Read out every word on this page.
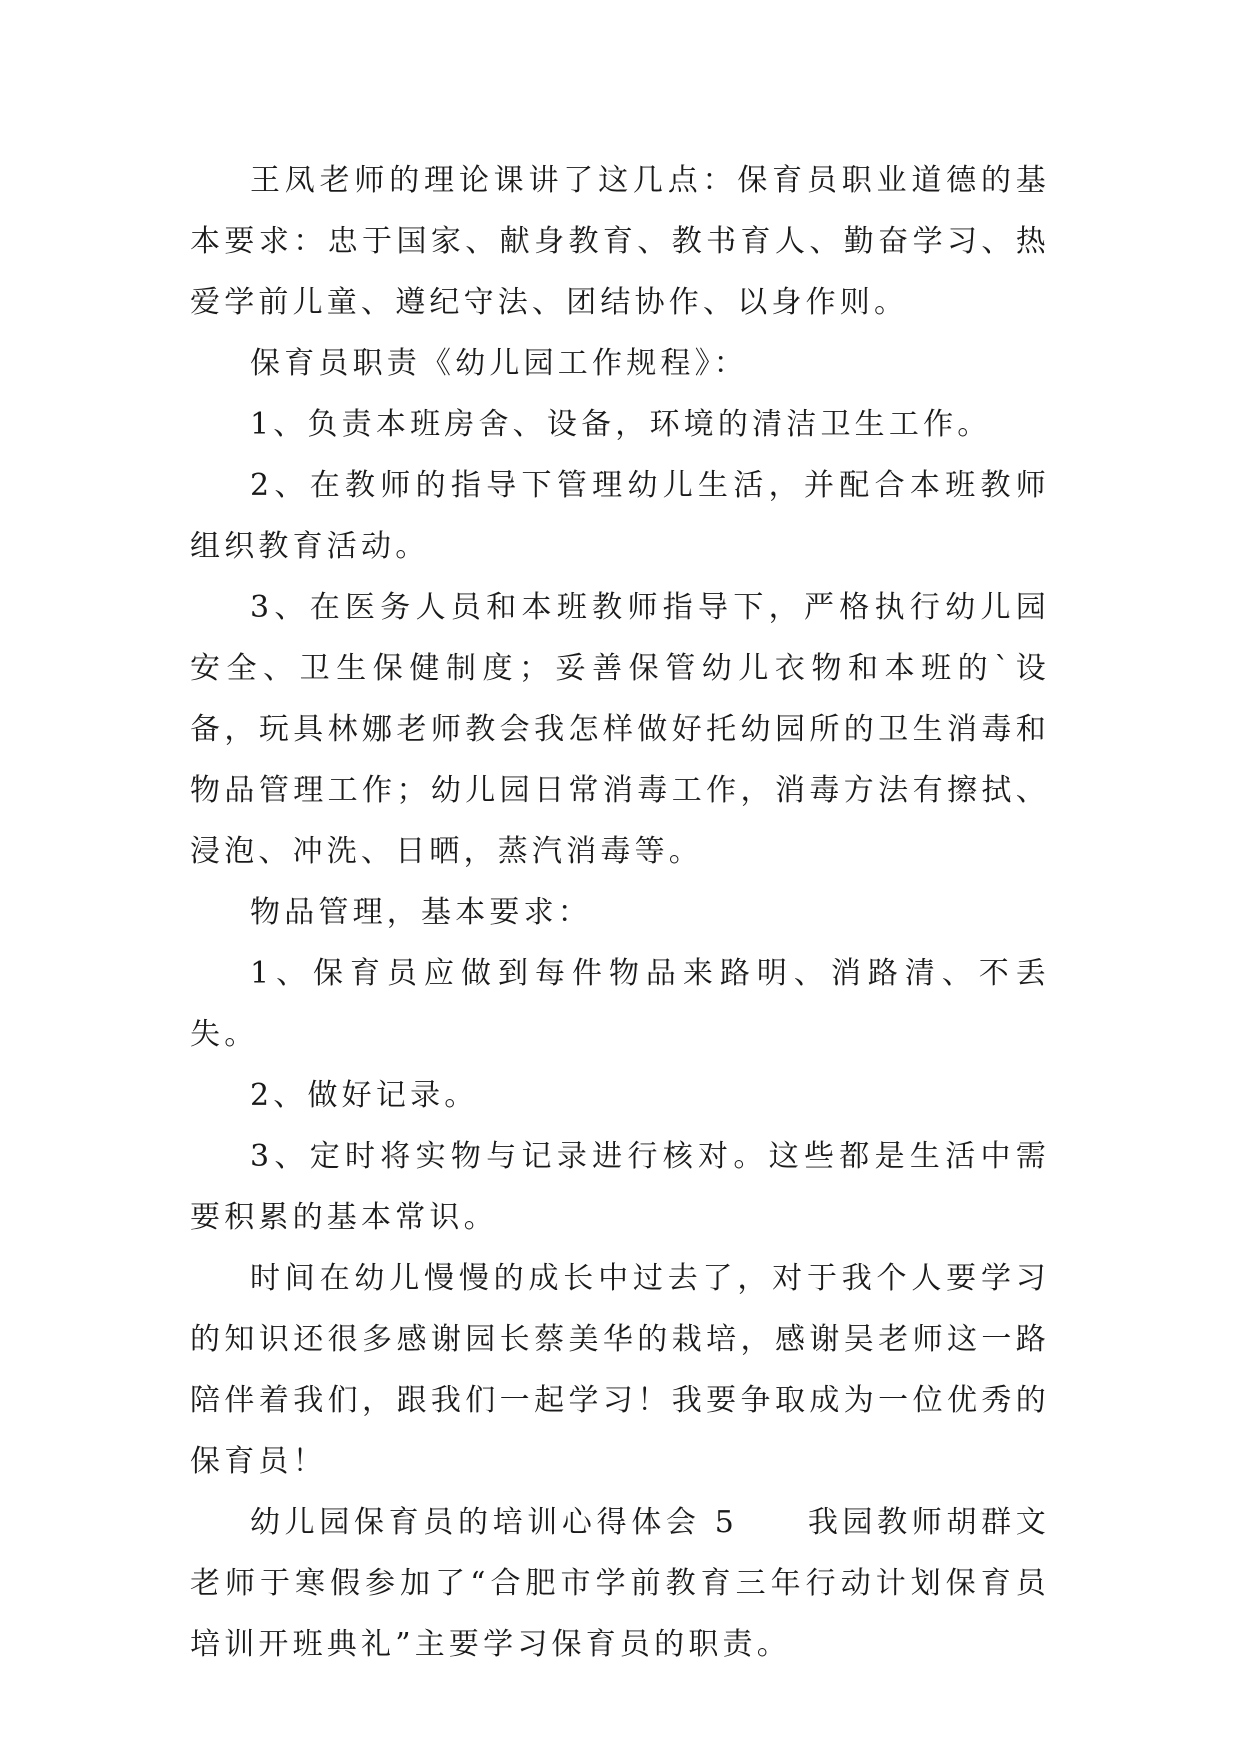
王凤老师的理论课讲了这几点：保育员职业道德的基本要求：忠于国家、献身教育、教书育人、勤奋学习、热爱学前儿童、遵纪守法、团结协作、以身作则。

保育员职责《幼儿园工作规程》：

1、负责本班房舍、设备，环境的清洁卫生工作。

2、在教师的指导下管理幼儿生活，并配合本班教师组织教育活动。

3、在医务人员和本班教师指导下，严格执行幼儿园安全、卫生保健制度；妥善保管幼儿衣物和本班的`设备，玩具林娜老师教会我怎样做好托幼园所的卫生消毒和物品管理工作；幼儿园日常消毒工作，消毒方法有擦拭、浸泡、冲洗、日晒，蒸汽消毒等。

物品管理，基本要求：

1、保育员应做到每件物品来路明、消路清、不丢失。

2、做好记录。

3、定时将实物与记录进行核对。这些都是生活中需要积累的基本常识。

时间在幼儿慢慢的成长中过去了，对于我个人要学习的知识还很多感谢园长蔡美华的栽培，感谢吴老师这一路陪伴着我们，跟我们一起学习！我要争取成为一位优秀的保育员！

幼儿园保育员的培训心得体会 5　　我园教师胡群文老师于寒假参加了“合肥市学前教育三年行动计划保育员培训开班典礼”主要学习保育员的职责。
